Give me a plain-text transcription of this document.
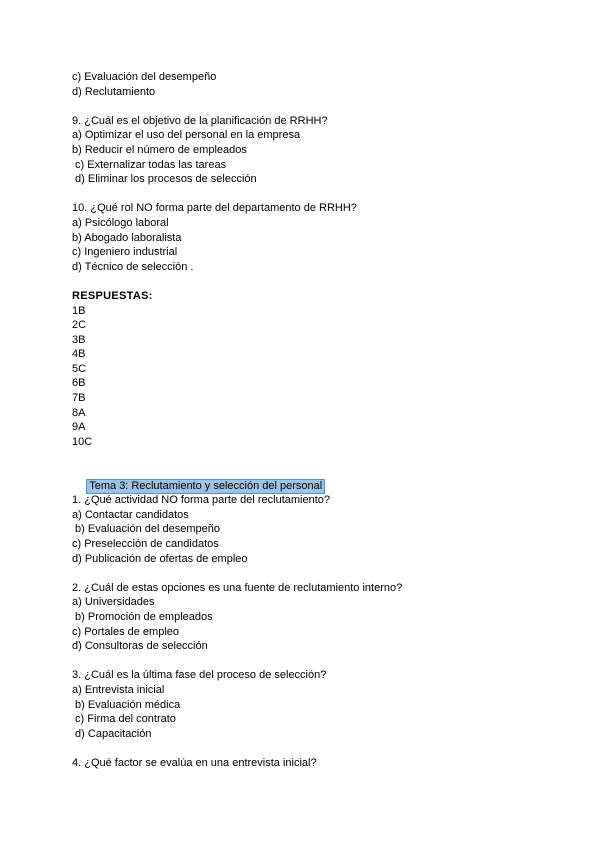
c) Evaluación del desempeño
d) Reclutamiento
9. ¿Cuál es el objetivo de la planificación de RRHH?
a) Optimizar el uso del personal en la empresa
b) Reducir el número de empleados
c) Externalizar todas las tareas
d) Eliminar los procesos de selección
10. ¿Qué rol NO forma parte del departamento de RRHH?
a) Psicólogo laboral
b) Abogado laboralista
c) Ingeniero industrial
d) Técnico de selección .
RESPUESTAS:
1B
2C
3B
4B
5C
6B
7B
8A
9A
10C

Tema 3: Reclutamiento y selección del personal

1. ¿Qué actividad NO forma parte del reclutamiento?
a) Contactar candidatos
b) Evaluación del desempeño
c) Preselección de candidatos
d) Publicación de ofertas de empleo
2. ¿Cuál de estas opciones es una fuente de reclutamiento interno?
a) Universidades
b) Promoción de empleados
c) Portales de empleo
d) Consultoras de selección
3. ¿Cuál es la última fase del proceso de selección?
a) Entrevista inicial
b) Evaluación médica
c) Firma del contrato
d) Capacitación
4. ¿Qué factor se evalúa en una entrevista inicial?
